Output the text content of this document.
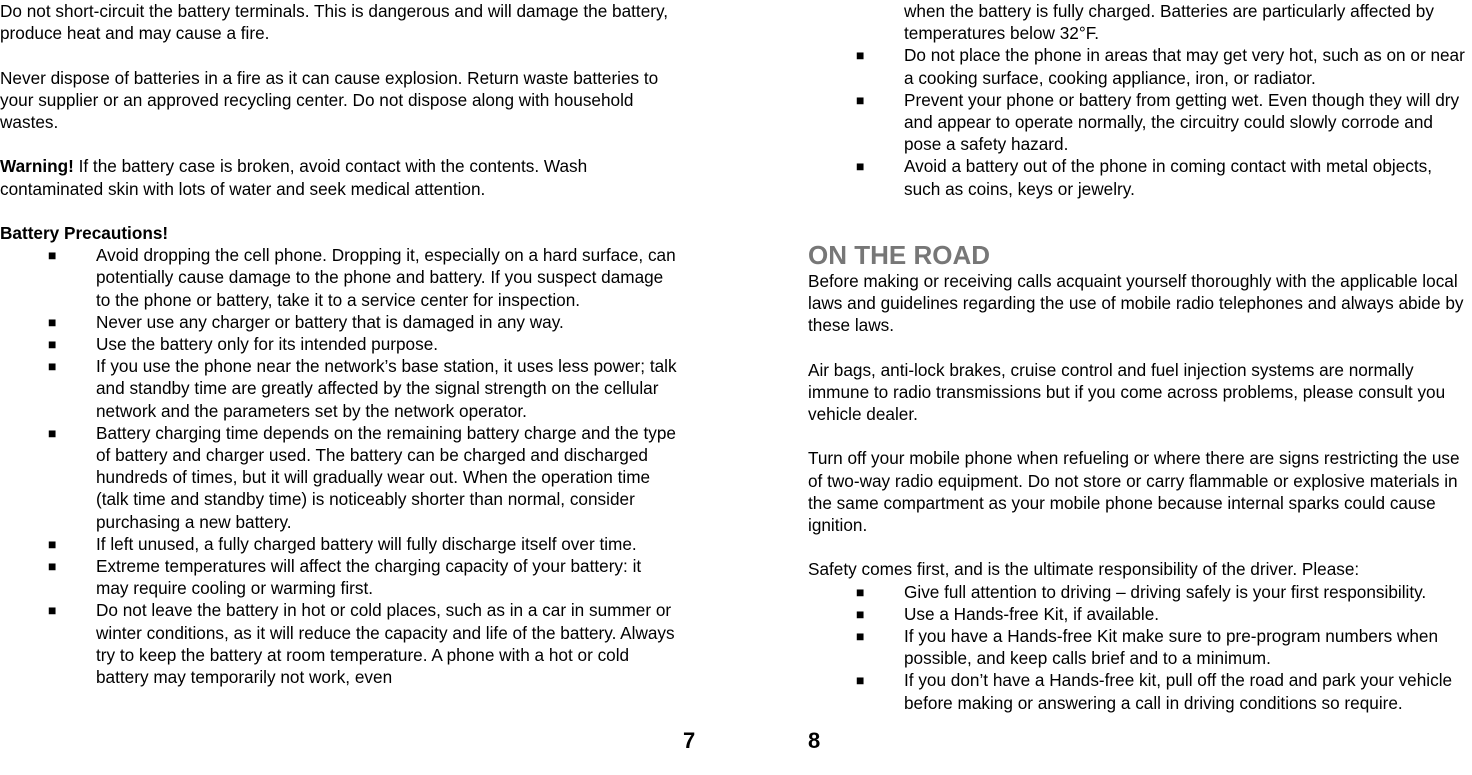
Do not short-circuit the battery terminals. This is dangerous and will damage the battery, produce heat and may cause a fire.

Never dispose of batteries in a fire as it can cause explosion. Return waste batteries to your supplier or an approved recycling center. Do not dispose along with household wastes.

Warning! If the battery case is broken, avoid contact with the contents. Wash contaminated skin with lots of water and seek medical attention.

Battery Precautions!

■ Avoid dropping the cell phone. Dropping it, especially on a hard surface, can potentially cause damage to the phone and battery. If you suspect damage to the phone or battery, take it to a service center for inspection.
■ Never use any charger or battery that is damaged in any way.
■ Use the battery only for its intended purpose.
■ If you use the phone near the network’s base station, it uses less power; talk and standby time are greatly affected by the signal strength on the cellular network and the parameters set by the network operator.
■ Battery charging time depends on the remaining battery charge and the type of battery and charger used. The battery can be charged and discharged hundreds of times, but it will gradually wear out. When the operation time (talk time and standby time) is noticeably shorter than normal, consider purchasing a new battery.
■ If left unused, a fully charged battery will fully discharge itself over time.
■ Extreme temperatures will affect the charging capacity of your battery: it may require cooling or warming first.
■ Do not leave the battery in hot or cold places, such as in a car in summer or winter conditions, as it will reduce the capacity and life of the battery. Always try to keep the battery at room temperature. A phone with a hot or cold battery may temporarily not work, even
7

when the battery is fully charged. Batteries are particularly affected by temperatures below 32°F.

■ Do not place the phone in areas that may get very hot, such as on or near a cooking surface, cooking appliance, iron, or radiator.
■ Prevent your phone or battery from getting wet. Even though they will dry and appear to operate normally, the circuitry could slowly corrode and pose a safety hazard.
■ Avoid a battery out of the phone in coming contact with metal objects, such as coins, keys or jewelry.
ON THE ROAD

Before making or receiving calls acquaint yourself thoroughly with the applicable local laws and guidelines regarding the use of mobile radio telephones and always abide by these laws.

Air bags, anti-lock brakes, cruise control and fuel injection systems are normally immune to radio transmissions but if you come across problems, please consult you vehicle dealer.

Turn off your mobile phone when refueling or where there are signs restricting the use of two-way radio equipment. Do not store or carry flammable or explosive materials in the same compartment as your mobile phone because internal sparks could cause ignition.

Safety comes first, and is the ultimate responsibility of the driver. Please:

■ Give full attention to driving – driving safely is your first responsibility.
■ Use a Hands-free Kit, if available.
■ If you have a Hands-free Kit make sure to pre-program numbers when possible, and keep calls brief and to a minimum.
■ If you don’t have a Hands-free kit, pull off the road and park your vehicle before making or answering a call in driving conditions so require.
8
